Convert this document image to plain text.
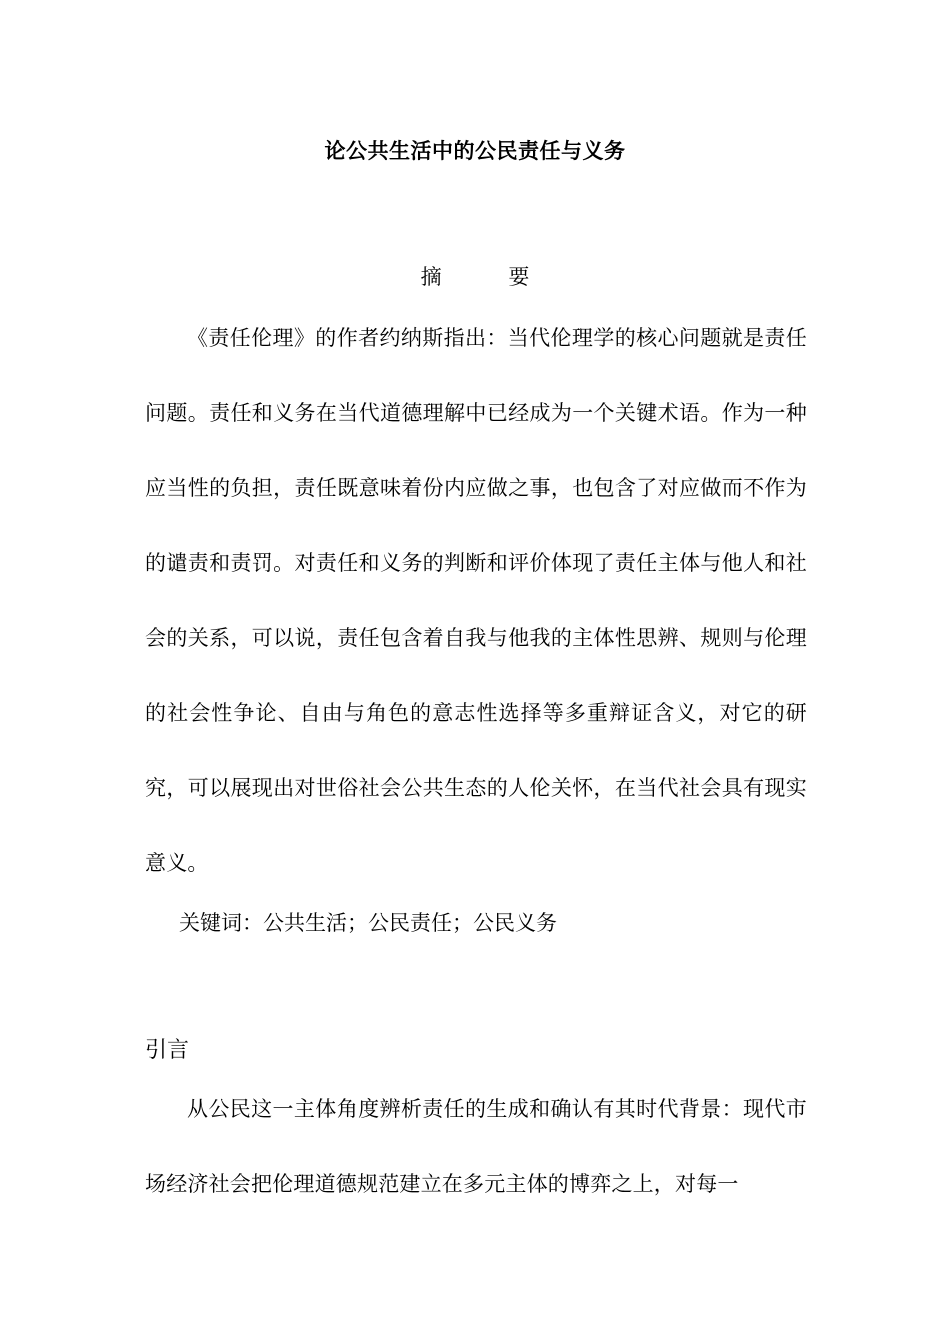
论公共生活中的公民责任与义务
摘 要
《责任伦理》的作者约纳斯指出：当代伦理学的核心问题就是责任问题。责任和义务在当代道德理解中已经成为一个关键术语。作为一种应当性的负担，责任既意味着份内应做之事，也包含了对应做而不作为的谴责和责罚。对责任和义务的判断和评价体现了责任主体与他人和社会的关系，可以说，责任包含着自我与他我的主体性思辨、规则与伦理的社会性争论、自由与角色的意志性选择等多重辩证含义，对它的研究，可以展现出对世俗社会公共生态的人伦关怀，在当代社会具有现实意义。
关键词：公共生活；公民责任；公民义务
引言
从公民这一主体角度辨析责任的生成和确认有其时代背景：现代市场经济社会把伦理道德规范建立在多元主体的博弈之上，对每一
